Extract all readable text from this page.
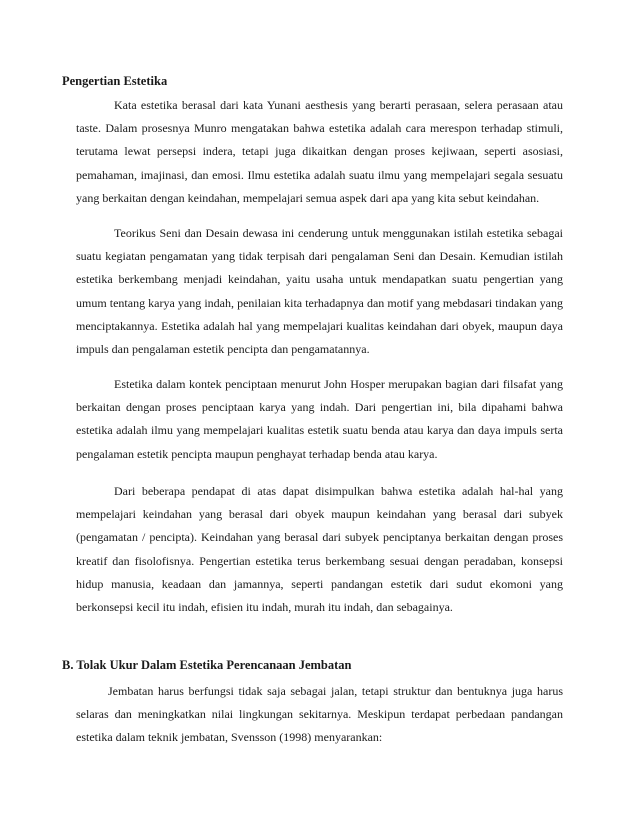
Pengertian Estetika

Kata estetika berasal dari kata Yunani aesthesis yang berarti perasaan, selera perasaan atau taste. Dalam prosesnya Munro mengatakan bahwa estetika adalah cara merespon terhadap stimuli, terutama lewat persepsi indera, tetapi juga dikaitkan dengan proses kejiwaan, seperti asosiasi, pemahaman, imajinasi, dan emosi. Ilmu estetika adalah suatu ilmu yang mempelajari segala sesuatu yang berkaitan dengan keindahan, mempelajari semua aspek dari apa yang kita sebut keindahan.

Teorikus Seni dan Desain dewasa ini cenderung untuk menggunakan istilah estetika sebagai suatu kegiatan pengamatan yang tidak terpisah dari pengalaman Seni dan Desain. Kemudian istilah estetika berkembang menjadi keindahan, yaitu usaha untuk mendapatkan suatu pengertian yang umum tentang karya yang indah, penilaian kita terhadapnya dan motif yang mebdasari tindakan yang menciptakannya. Estetika adalah hal yang mempelajari kualitas keindahan dari obyek, maupun daya impuls dan pengalaman estetik pencipta dan pengamatannya.

Estetika dalam kontek penciptaan menurut John Hosper merupakan bagian dari filsafat yang berkaitan dengan proses penciptaan karya yang indah. Dari pengertian ini, bila dipahami bahwa estetika adalah ilmu yang mempelajari kualitas estetik suatu benda atau karya dan daya impuls serta pengalaman estetik pencipta maupun penghayat terhadap benda atau karya.

Dari beberapa pendapat di atas dapat disimpulkan bahwa estetika adalah hal-hal yang mempelajari keindahan yang berasal dari obyek maupun keindahan yang berasal dari subyek (pengamatan / pencipta). Keindahan yang berasal dari subyek penciptanya berkaitan dengan proses kreatif dan fisolofisnya. Pengertian estetika terus berkembang sesuai dengan peradaban, konsepsi hidup manusia, keadaan dan jamannya, seperti pandangan estetik dari sudut ekomoni yang berkonsepsi kecil itu indah, efisien itu indah, murah itu indah, dan sebagainya.

B. Tolak Ukur Dalam Estetika Perencanaan Jembatan

Jembatan harus berfungsi tidak saja sebagai jalan, tetapi struktur dan bentuknya juga harus selaras dan meningkatkan nilai lingkungan sekitarnya. Meskipun terdapat perbedaan pandangan estetika dalam teknik jembatan, Svensson (1998) menyarankan:
